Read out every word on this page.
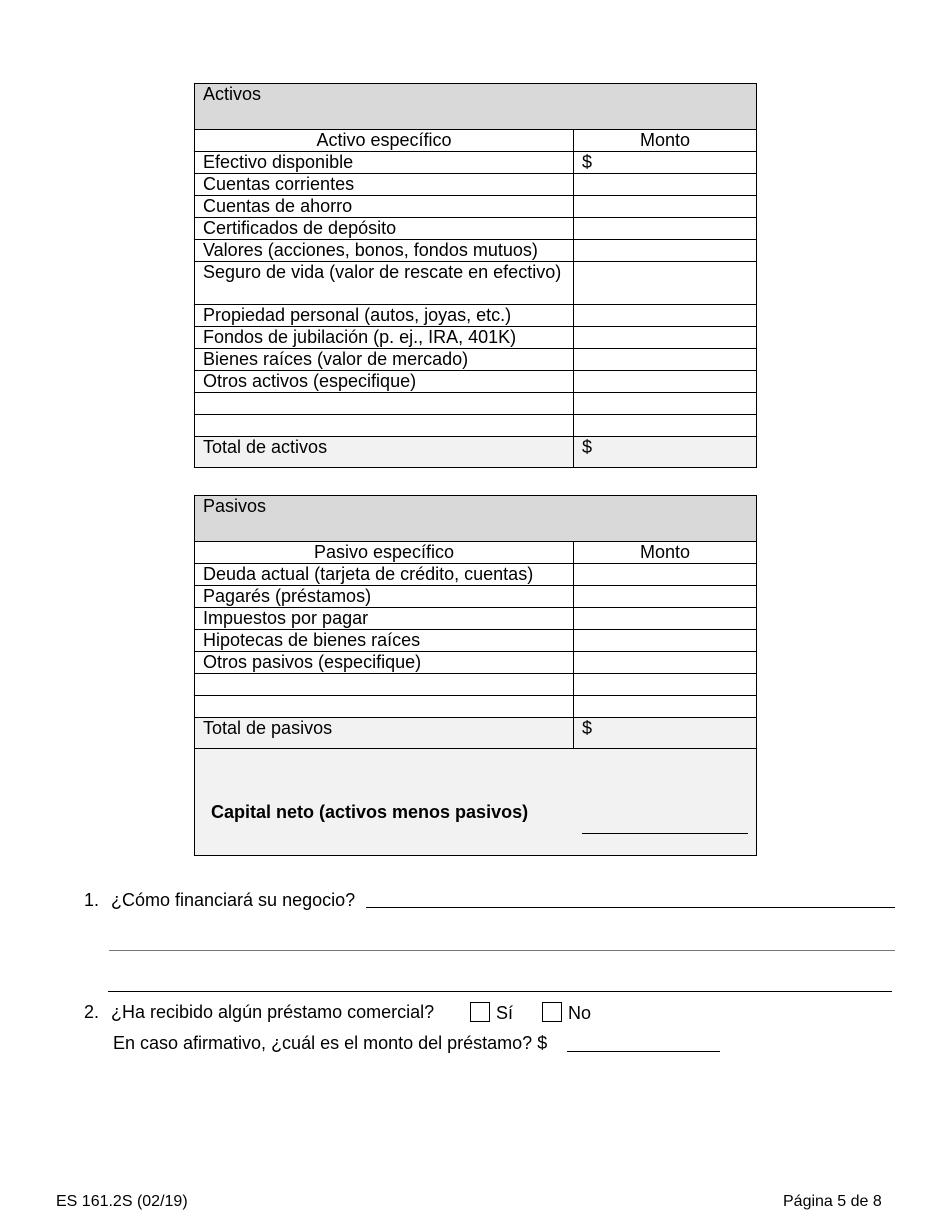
Activos	
Activo específico	Monto
Efectivo disponible	$
Cuentas corrientes	
Cuentas de ahorro	
Certificados de depósito	
Valores (acciones, bonos, fondos mutuos)	
Seguro de vida (valor de rescate en efectivo)	
Propiedad personal (autos, joyas, etc.)	
Fondos de jubilación (p. ej., IRA, 401K)	
Bienes raíces (valor de mercado)	
Otros activos (especifique)	

Total de activos	$
Pasivos	
Pasivo específico	Monto
Deuda actual (tarjeta de crédito, cuentas)	
Pagarés (préstamos)	
Impuestos por pagar	
Hipotecas de bienes raíces	
Otros pasivos (especifique)	

Total de pasivos	$

Capital neto (activos menos pasivos)	
1. ¿Cómo financiará su negocio?
2. ¿Ha recibido algún préstamo comercial?	Sí	No
En caso afirmativo, ¿cuál es el monto del préstamo? $
ES 161.2S (02/19)	Página 5 de 8
